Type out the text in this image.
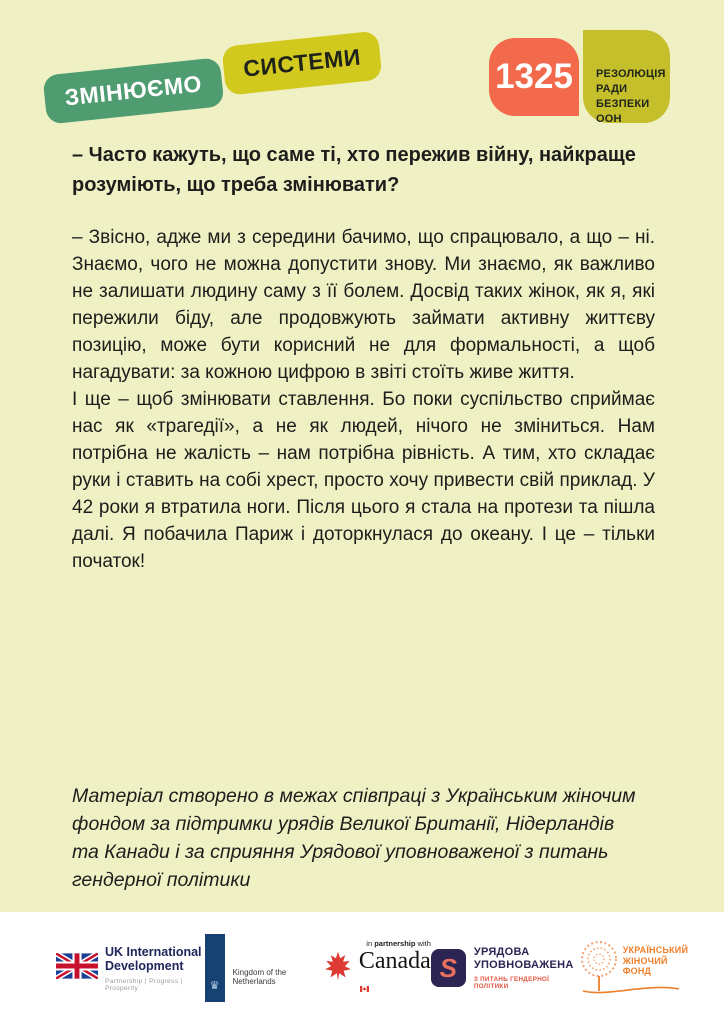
ЗМІНЮЄМОСИСТЕМИ	1325	РЕЗОЛЮЦІЯ
РАДИ
БЕЗПЕКИ
ООН
– Часто кажуть, що саме ті, хто пережив війну, найкраще розуміють, що треба змінювати?

– Звісно, адже ми з середини бачимо, що спрацювало, а що – ні. Знаємо, чого не можна допустити знову. Ми знаємо, як важливо не залишати людину саму з її болем. Досвід таких жінок, як я, які пережили біду, але продовжують займати активну життєву позицію, може бути корисний не для формальності, а щоб нагадувати: за кожною цифрою в звіті стоїть живе життя.

І ще – щоб змінювати ставлення. Бо поки суспільство сприймає нас як «трагедії», а не як людей, нічого не зміниться. Нам потрібна не жалість – нам потрібна рівність. А тим, хто складає руки і ставить на собі хрест, просто хочу привести свій приклад. У 42 роки я втратила ноги. Після цього я стала на протези та пішла далі. Я побачила Париж і доторкнулася до океану. І це – тільки початок!

Матеріал створено в межах співпраці з Українським жіночим фондом за підтримки урядів Великої Британії, Нідерландів та Канади і за сприяння Урядової уповноваженої з питань гендерної політики
UK International
Development
Partnership | Progress | Prosperity	♛
Kingdom of the Netherlands
in partnership with
Canada S
УРЯДОВА
УПОВНОВАЖЕНА
З ПИТАНЬ ГЕНДЕРНОЇ ПОЛІТИКИ
УКРАЇНСЬКИЙ
ЖІНОЧИЙ
ФОНД
